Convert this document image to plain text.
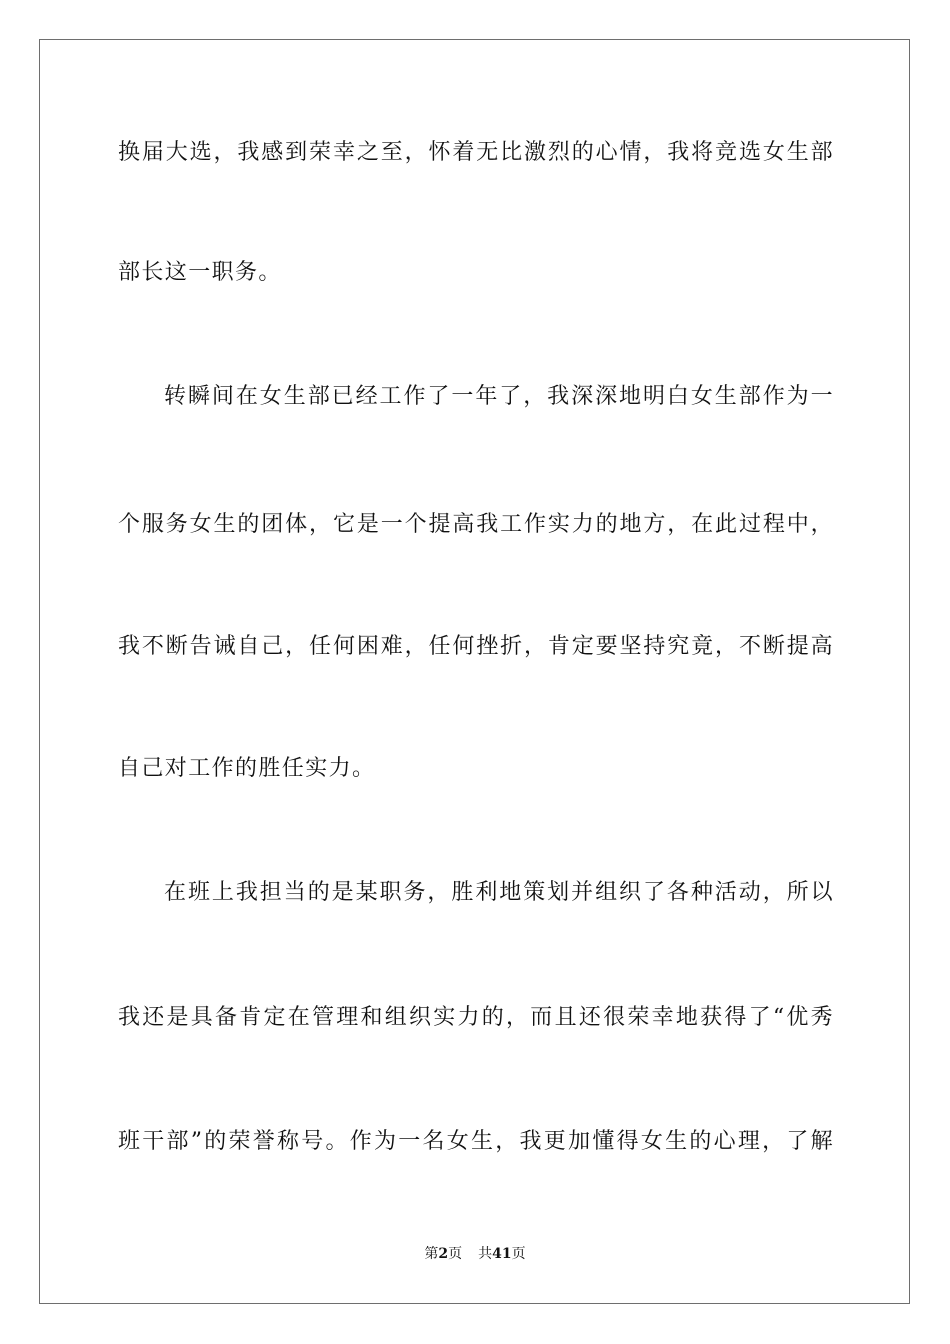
换届大选，我感到荣幸之至，怀着无比激烈的心情，我将竞选女生部
部长这一职务。
转瞬间在女生部已经工作了一年了，我深深地明白女生部作为一
个服务女生的团体，它是一个提高我工作实力的地方，在此过程中，
我不断告诫自己，任何困难，任何挫折，肯定要坚持究竟，不断提高
自己对工作的胜任实力。
在班上我担当的是某职务，胜利地策划并组织了各种活动，所以
我还是具备肯定在管理和组织实力的，而且还很荣幸地获得了“优秀
班干部”的荣誉称号。作为一名女生，我更加懂得女生的心理，了解
第2页 共41页
